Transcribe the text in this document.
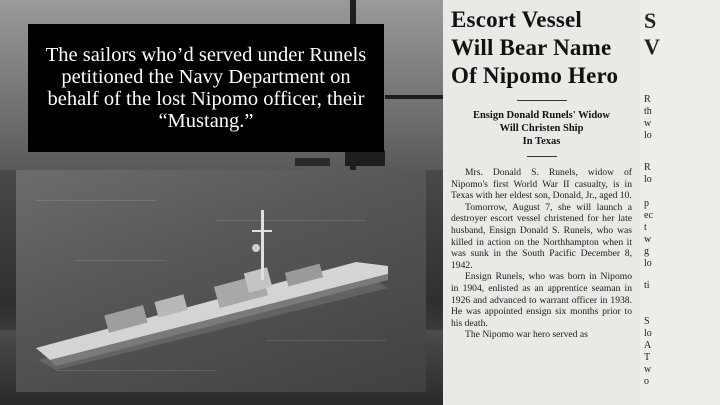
The sailors who’d served under Runels petitioned the Navy Department on behalf of the lost Nipomo officer, their “Mustang.”
Escort Vessel
Will Bear Name
Of Nipomo Hero
Ensign Donald Runels' Widow
Will Christen Ship
In Texas

Mrs. Donald S. Runels, widow of Nipomo's first World War II casualty, is in Texas with her eldest son, Donald, Jr., aged 10.

Tomorrow, August 7, she will launch a destroyer escort vessel christened for her late husband, Ensign Donald S. Runels, who was killed in action on the Northhampton when it was sunk in the South Pacific December 8, 1942.

Ensign Runels, who was born in Nipomo in 1904, enlisted as an apprentice seaman in 1926 and advanced to warrant officer in 1938. He was appointed ensign six months prior to his death.

The Nipomo war hero served as

S
V
R
th
w
lo
R
lo
p
ec
t
w
g
lo
ti
S
lo
A
T
w
o
